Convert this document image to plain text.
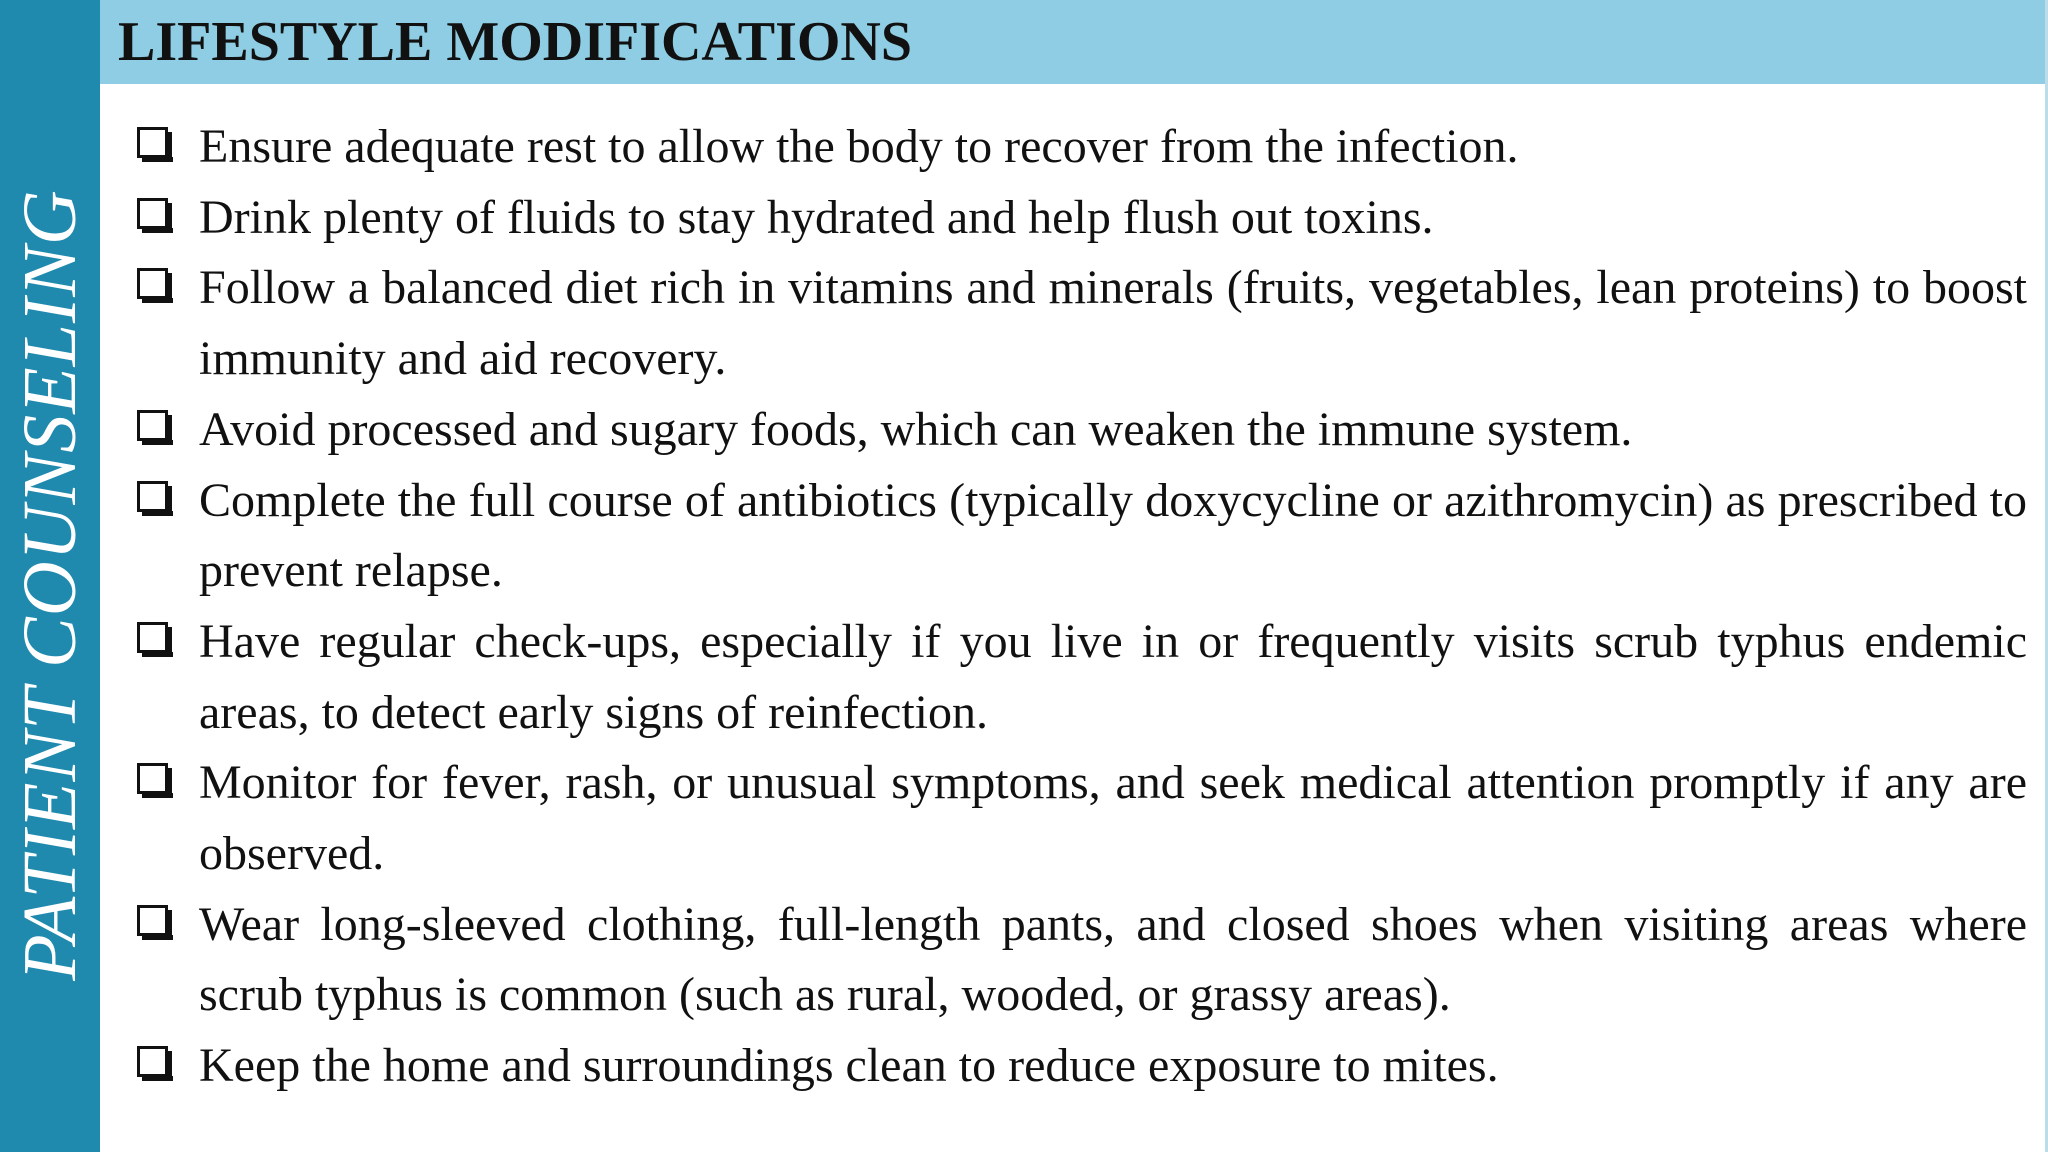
PATIENT COUNSELING
LIFESTYLE MODIFICATIONS
Ensure adequate rest to allow the body to recover from the infection.
Drink plenty of fluids to stay hydrated and help flush out toxins.
Follow a balanced diet rich in vitamins and minerals (fruits, vegetables, lean proteins) to boost immunity and aid recovery.
Avoid processed and sugary foods, which can weaken the immune system.
Complete the full course of antibiotics (typically doxycycline or azithromycin) as prescribed to prevent relapse.
Have regular check-ups, especially if you live in or frequently visits scrub typhus endemic areas, to detect early signs of reinfection.
Monitor for fever, rash, or unusual symptoms, and seek medical attention promptly if any are observed.
Wear long-sleeved clothing, full-length pants, and closed shoes when visiting areas where scrub typhus is common (such as rural, wooded, or grassy areas).
Keep the home and surroundings clean to reduce exposure to mites.
